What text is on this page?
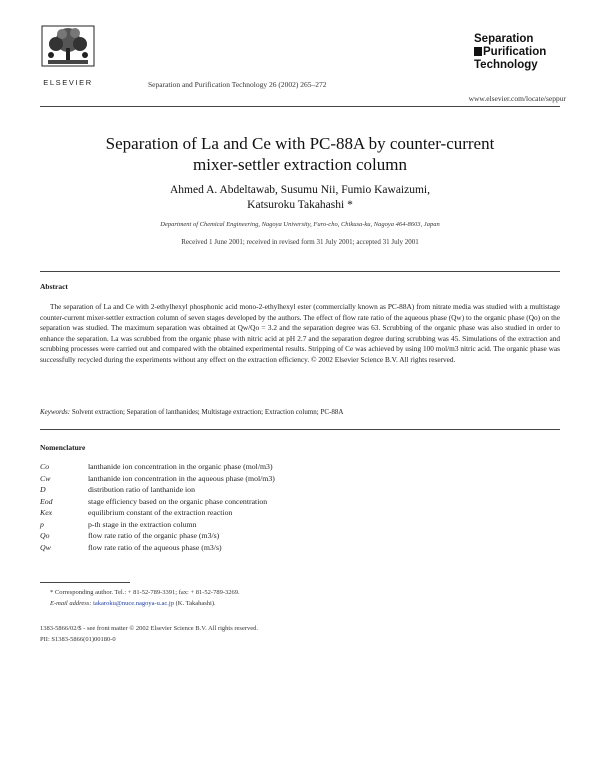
ELSEVIER	Separation and Purification Technology 26 (2002) 265–272
Separation
Purification
Technology
www.elsevier.com/locate/seppur
Separation of La and Ce with PC-88A by counter-current
mixer-settler extraction column
Ahmed A. Abdeltawab, Susumu Nii, Fumio Kawaizumi,
Katsuroku Takahashi *
Department of Chemical Engineering, Nagoya University, Furo-cho, Chikusa-ku, Nagoya 464-8603, Japan
Received 1 June 2001; received in revised form 31 July 2001; accepted 31 July 2001
Abstract
The separation of La and Ce with 2-ethylhexyl phosphonic acid mono-2-ethylhexyl ester (commercially known as PC-88A) from nitrate media was studied with a multistage counter-current mixer-settler extraction column of seven stages developed by the authors. The effect of flow rate ratio of the aqueous phase (Qw) to the organic phase (Qo) on the separation was studied. The maximum separation was obtained at Qw/Qo = 3.2 and the separation degree was 63. Scrubbing of the organic phase was also studied in order to enhance the separation. La was scrubbed from the organic phase with nitric acid at pH 2.7 and the separation degree during scrubbing was 45. Simulations of the extraction and scrubbing processes were carried out and compared with the obtained experimental results. Stripping of Ce was achieved by using 100 mol/m3 nitric acid. The organic phase was successfully recycled during the experiments without any effect on the extraction efficiency. © 2002 Elsevier Science B.V. All rights reserved.
Keywords: Solvent extraction; Separation of lanthanides; Multistage extraction; Extraction column; PC-88A
Nomenclature
Co	lanthanide ion concentration in the organic phase (mol/m3)
Cw	lanthanide ion concentration in the aqueous phase (mol/m3)
D	distribution ratio of lanthanide ion
Eod	stage efficiency based on the organic phase concentration
Kex	equilibrium constant of the extraction reaction
p	p-th stage in the extraction column
Qo	flow rate ratio of the organic phase (m3/s)
Qw	flow rate ratio of the aqueous phase (m3/s)
* Corresponding author. Tel.: + 81-52-789-3391; fax: + 81-52-789-3269.
E-mail address: takaroku@nuce.nagoya-u.ac.jp (K. Takahashi).
1383-5866/02/$ - see front matter © 2002 Elsevier Science B.V. All rights reserved.
PII: S1383-5866(01)00180-0
